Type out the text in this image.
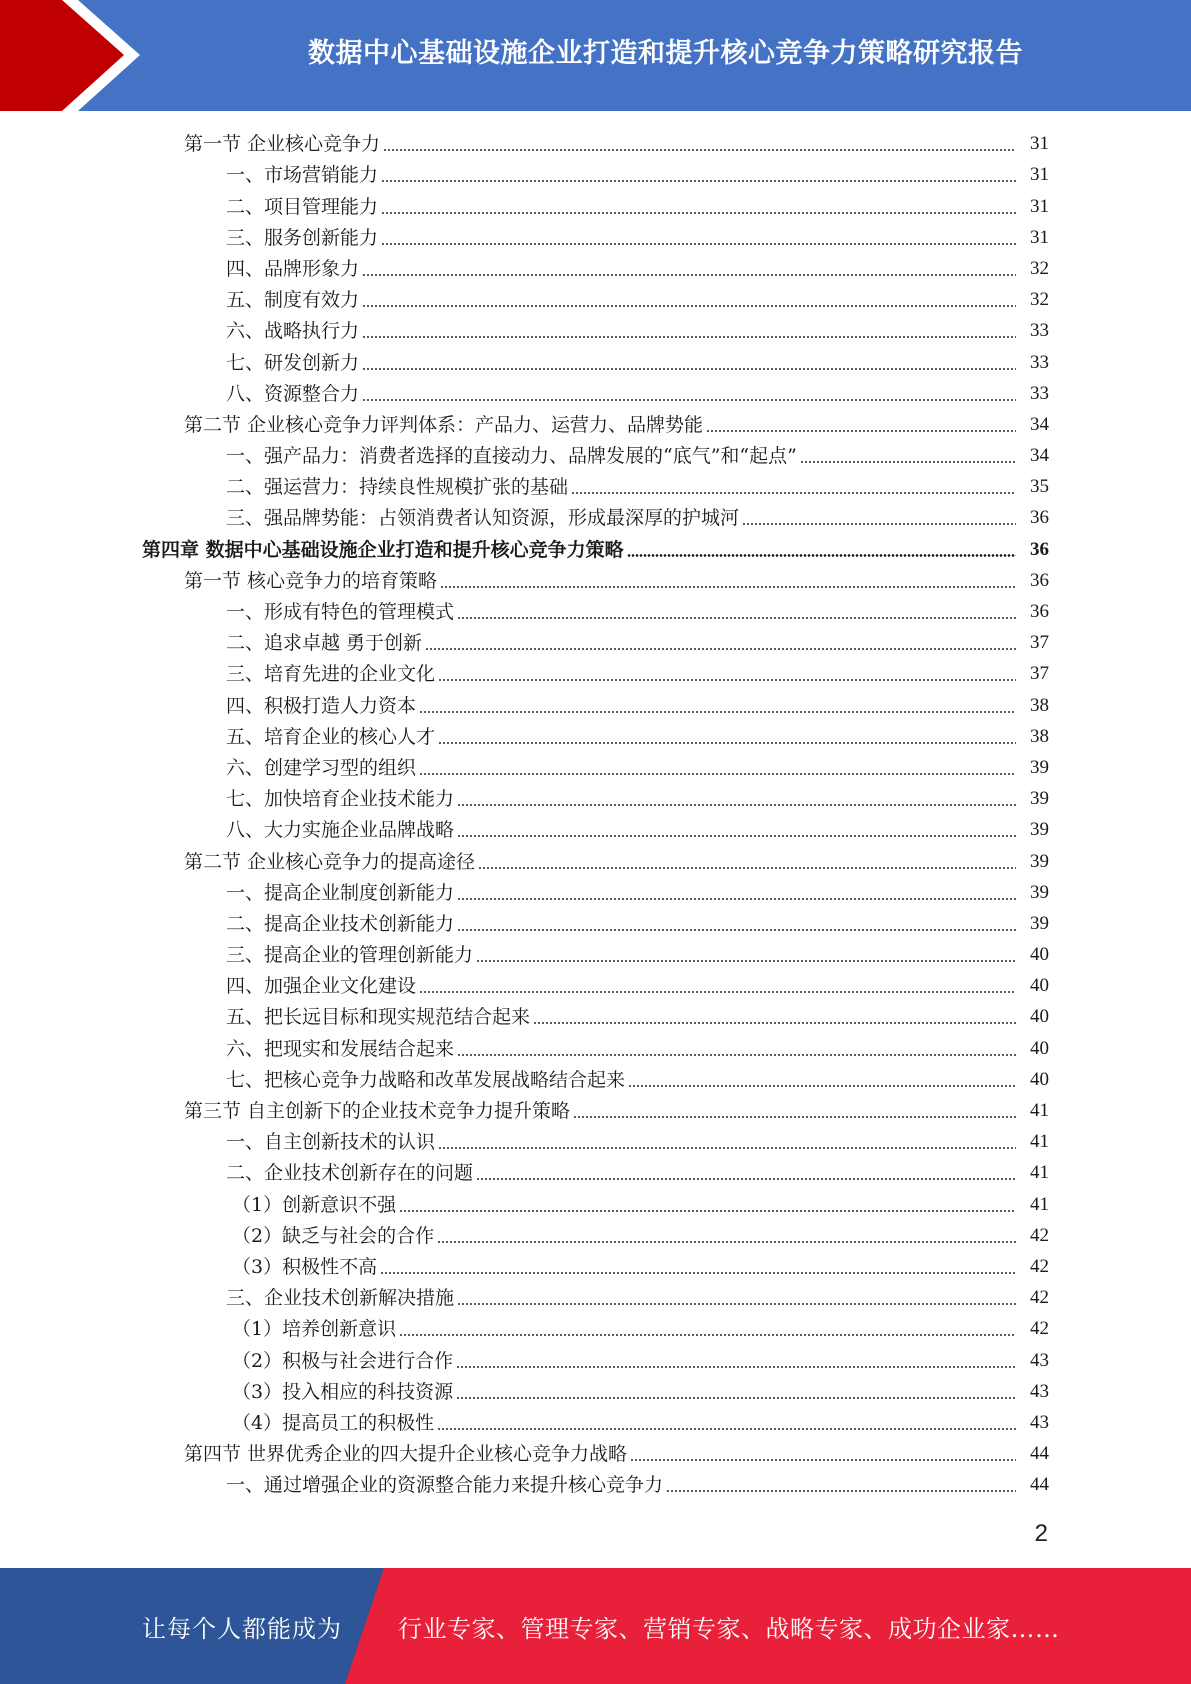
数据中心基础设施企业打造和提升核心竞争力策略研究报告
第一节 企业核心竞争力	31
一、市场营销能力	31
二、项目管理能力	31
三、服务创新能力	31
四、品牌形象力	32
五、制度有效力	32
六、战略执行力	33
七、研发创新力	33
八、资源整合力	33
第二节 企业核心竞争力评判体系：产品力、运营力、品牌势能	34
一、强产品力：消费者选择的直接动力、品牌发展的“底气”和“起点”	34
二、强运营力：持续良性规模扩张的基础	35
三、强品牌势能：占领消费者认知资源，形成最深厚的护城河	36
第四章 数据中心基础设施企业打造和提升核心竞争力策略	36
第一节 核心竞争力的培育策略	36
一、形成有特色的管理模式	36
二、追求卓越 勇于创新	37
三、培育先进的企业文化	37
四、积极打造人力资本	38
五、培育企业的核心人才	38
六、创建学习型的组织	39
七、加快培育企业技术能力	39
八、大力实施企业品牌战略	39
第二节 企业核心竞争力的提高途径	39
一、提高企业制度创新能力	39
二、提高企业技术创新能力	39
三、提高企业的管理创新能力	40
四、加强企业文化建设	40
五、把长远目标和现实规范结合起来	40
六、把现实和发展结合起来	40
七、把核心竞争力战略和改革发展战略结合起来	40
第三节 自主创新下的企业技术竞争力提升策略	41
一、自主创新技术的认识	41
二、企业技术创新存在的问题	41
（1）创新意识不强	41
（2）缺乏与社会的合作	42
（3）积极性不高	42
三、企业技术创新解决措施	42
（1）培养创新意识	42
（2）积极与社会进行合作	43
（3）投入相应的科技资源	43
（4）提高员工的积极性	43
第四节 世界优秀企业的四大提升企业核心竞争力战略	44
一、通过增强企业的资源整合能力来提升核心竞争力	44
2
让每个人都能成为 行业专家、管理专家、营销专家、战略专家、成功企业家……
